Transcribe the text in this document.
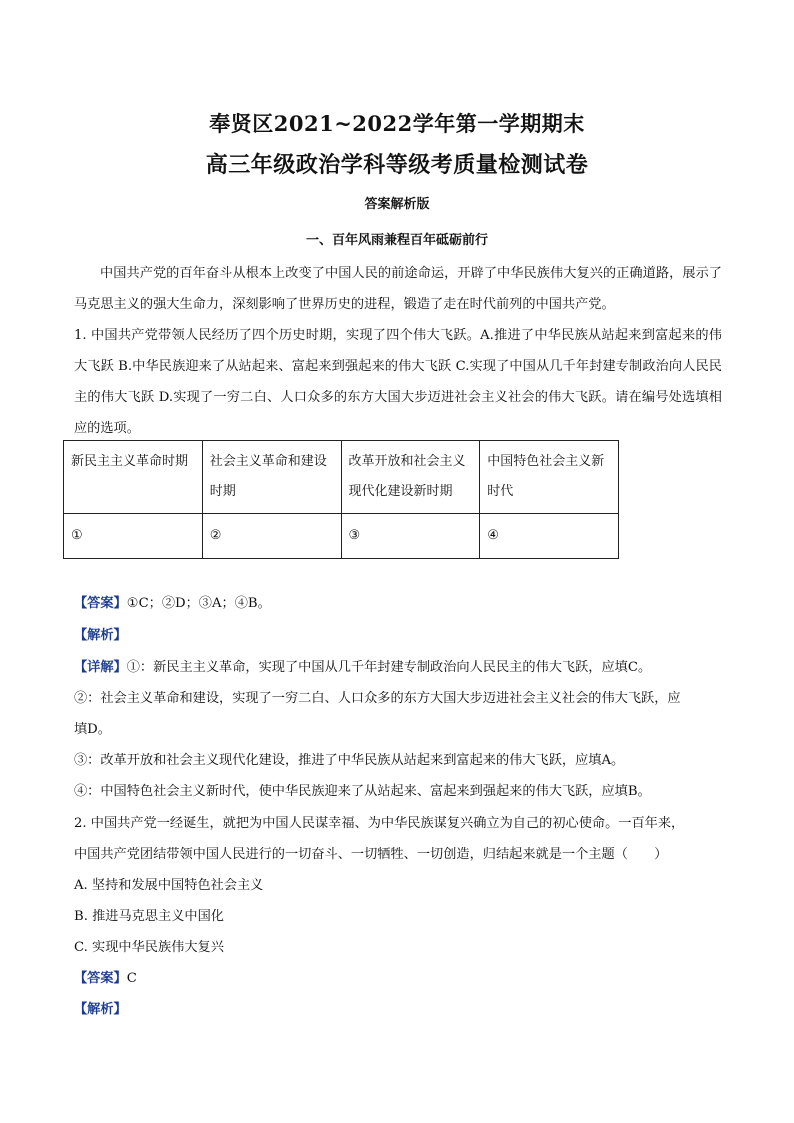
奉贤区2021~2022学年第一学期期末
高三年级政治学科等级考质量检测试卷
答案解析版
一、百年风雨兼程百年砥砺前行
中国共产党的百年奋斗从根本上改变了中国人民的前途命运，开辟了中华民族伟大复兴的正确道路，展示了马克思主义的强大生命力，深刻影响了世界历史的进程，锻造了走在时代前列的中国共产党。
1. 中国共产党带领人民经历了四个历史时期，实现了四个伟大飞跃。A.推进了中华民族从站起来到富起来的伟大飞跃 B.中华民族迎来了从站起来、富起来到强起来的伟大飞跃 C.实现了中国从几千年封建专制政治向人民民主的伟大飞跃 D.实现了一穷二白、人口众多的东方大国大步迈进社会主义社会的伟大飞跃。请在编号处选填相应的选项。
新民主主义革命时期	社会主义革命和建设时期	改革开放和社会主义现代化建设新时期	中国特色社会主义新时代
①	②	③	④
【答案】①C；②D；③A；④B。
【解析】
【详解】①：新民主主义革命，实现了中国从几千年封建专制政治向人民民主的伟大飞跃，应填C。
②：社会主义革命和建设，实现了一穷二白、人口众多的东方大国大步迈进社会主义社会的伟大飞跃，应
填D。
③：改革开放和社会主义现代化建设，推进了中华民族从站起来到富起来的伟大飞跃，应填A。
④：中国特色社会主义新时代，使中华民族迎来了从站起来、富起来到强起来的伟大飞跃，应填B。
2. 中国共产党一经诞生，就把为中国人民谋幸福、为中华民族谋复兴确立为自己的初心使命。一百年来，
中国共产党团结带领中国人民进行的一切奋斗、一切牺牲、一切创造，归结起来就是一个主题（　　）
A. 坚持和发展中国特色社会主义
B. 推进马克思主义中国化
C. 实现中华民族伟大复兴
【答案】C
【解析】
